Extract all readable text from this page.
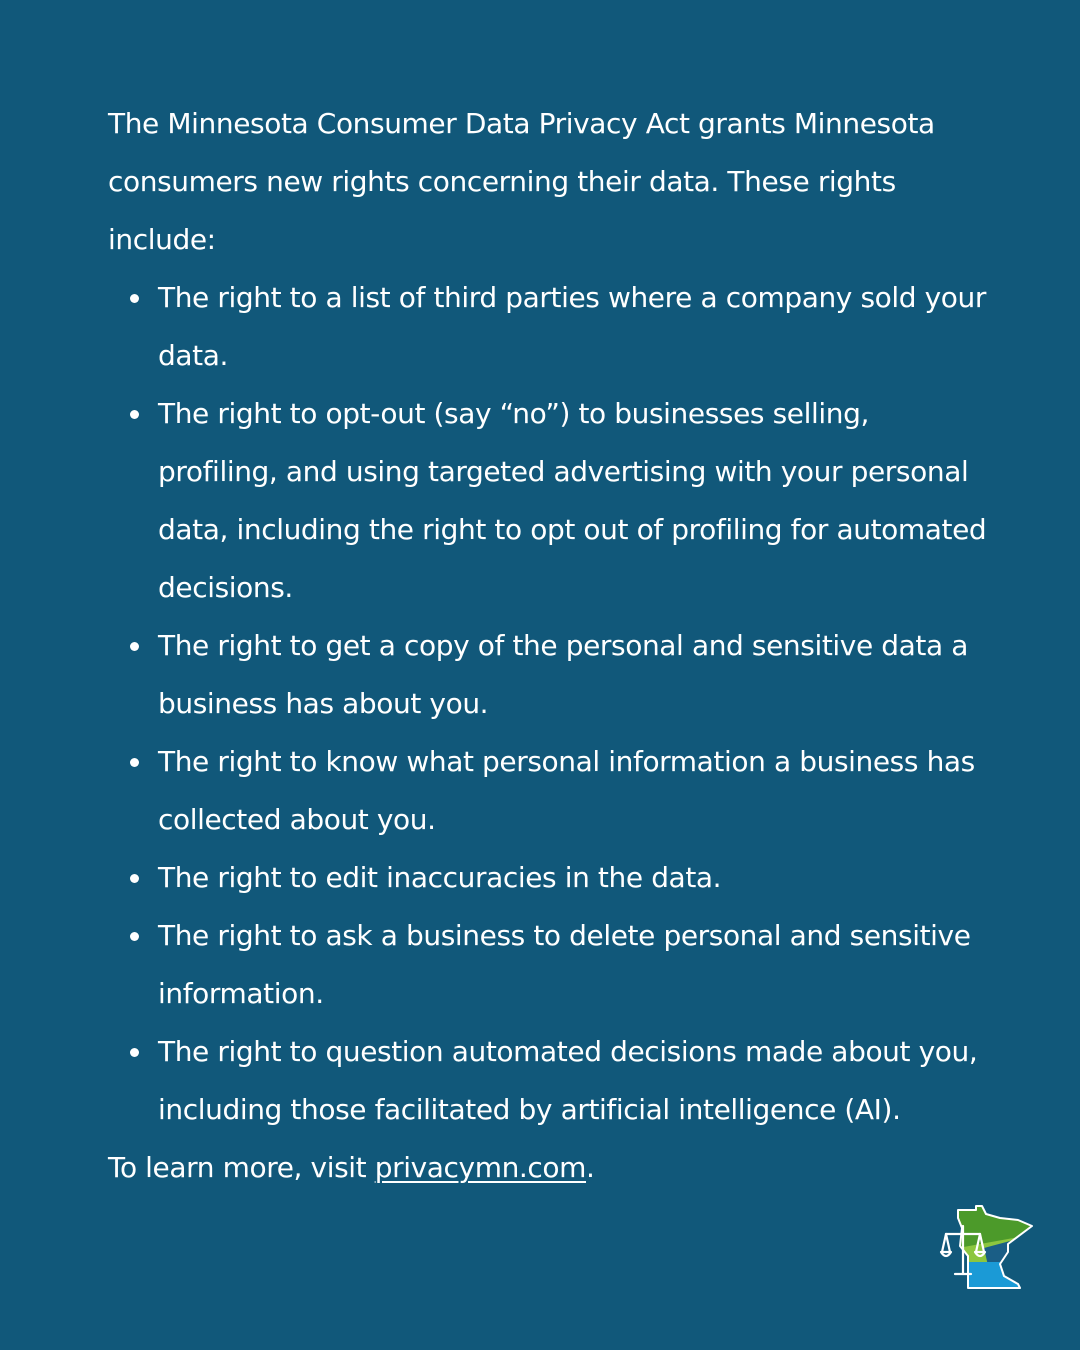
The Minnesota Consumer Data Privacy Act grants Minnesota consumers new rights concerning their data. These rights include:

The right to a list of third parties where a company sold your data.
The right to opt-out (say “no”) to businesses selling, profiling, and using targeted advertising with your personal data, including the right to opt out of profiling for automated decisions.
The right to get a copy of the personal and sensitive data a business has about you.
The right to know what personal information a business has collected about you.
The right to edit inaccuracies in the data.
The right to ask a business to delete personal and sensitive information.
The right to question automated decisions made about you, including those facilitated by artificial intelligence (AI).

To learn more, visit privacymn.com.
